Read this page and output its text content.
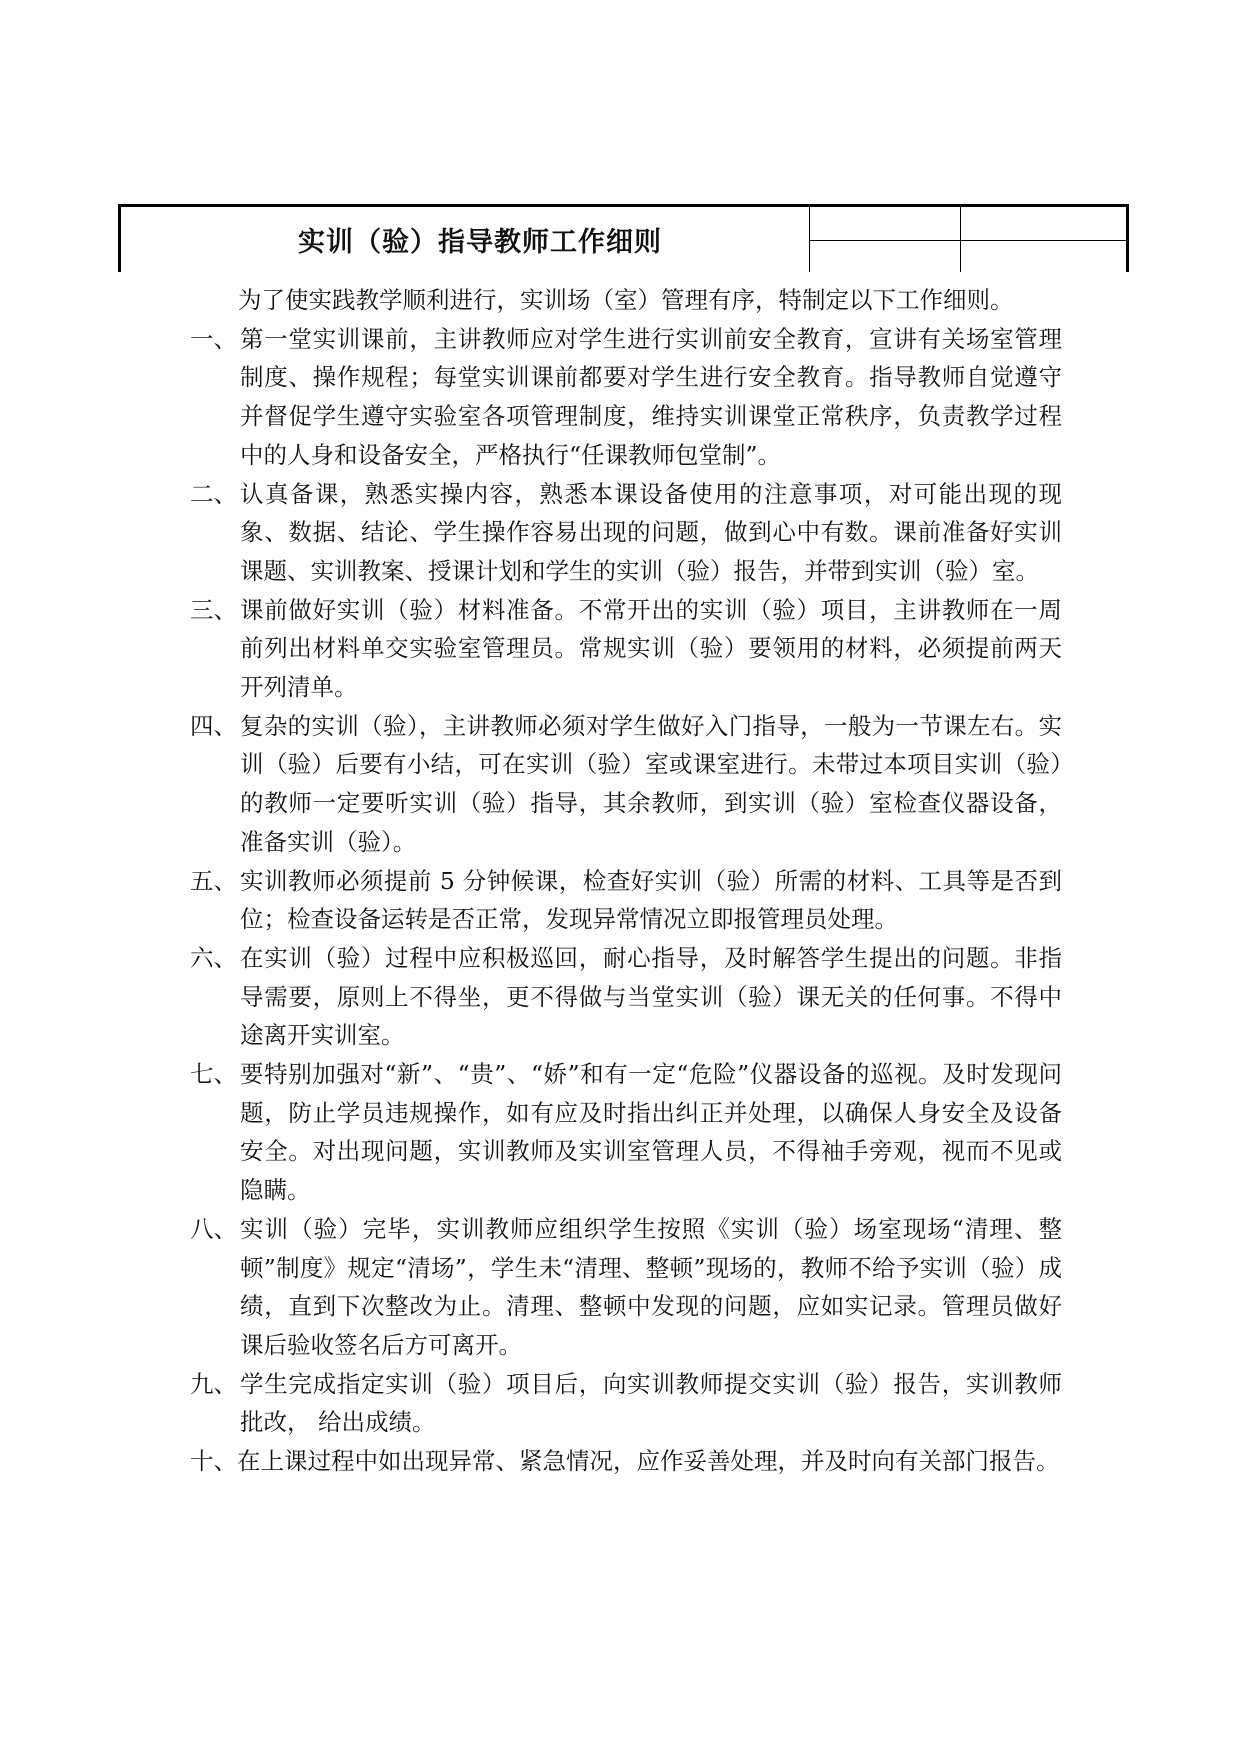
实训（验）指导教师工作细则

为了使实践教学顺利进行，实训场（室）管理有序，特制定以下工作细则。

一、 第一堂实训课前，主讲教师应对学生进行实训前安全教育，宣讲有关场室管理制度、操作规程；每堂实训课前都要对学生进行安全教育。指导教师自觉遵守并督促学生遵守实验室各项管理制度，维持实训课堂正常秩序，负责教学过程中的人身和设备安全，严格执行“任课教师包堂制”。
二、 认真备课，熟悉实操内容，熟悉本课设备使用的注意事项，对可能出现的现象、数据、结论、学生操作容易出现的问题，做到心中有数。课前准备好实训课题、实训教案、授课计划和学生的实训（验）报告，并带到实训（验）室。
三、 课前做好实训（验）材料准备。不常开出的实训（验）项目，主讲教师在一周前列出材料单交实验室管理员。常规实训（验）要领用的材料，必须提前两天开列清单。
四、 复杂的实训（验），主讲教师必须对学生做好入门指导，一般为一节课左右。实训（验）后要有小结，可在实训（验）室或课室进行。未带过本项目实训（验）的教师一定要听实训（验）指导，其余教师，到实训（验）室检查仪器设备，准备实训（验）。
五、 实训教师必须提前 5 分钟候课，检查好实训（验）所需的材料、工具等是否到位；检查设备运转是否正常，发现异常情况立即报管理员处理。
六、 在实训（验）过程中应积极巡回，耐心指导，及时解答学生提出的问题。非指导需要，原则上不得坐，更不得做与当堂实训（验）课无关的任何事。不得中途离开实训室。
七、 要特别加强对“新”、“贵”、“娇”和有一定“危险”仪器设备的巡视。及时发现问题，防止学员违规操作，如有应及时指出纠正并处理，以确保人身安全及设备安全。对出现问题，实训教师及实训室管理人员，不得袖手旁观，视而不见或隐瞒。
八、 实训（验）完毕，实训教师应组织学生按照《实训（验）场室现场“清理、整顿”制度》规定“清场”，学生未“清理、整顿”现场的，教师不给予实训（验）成绩，直到下次整改为止。清理、整顿中发现的问题，应如实记录。管理员做好课后验收签名后方可离开。
九、 学生完成指定实训（验）项目后，向实训教师提交实训（验）报告，实训教师批改， 给出成绩。

十、在上课过程中如出现异常、紧急情况，应作妥善处理，并及时向有关部门报告。
